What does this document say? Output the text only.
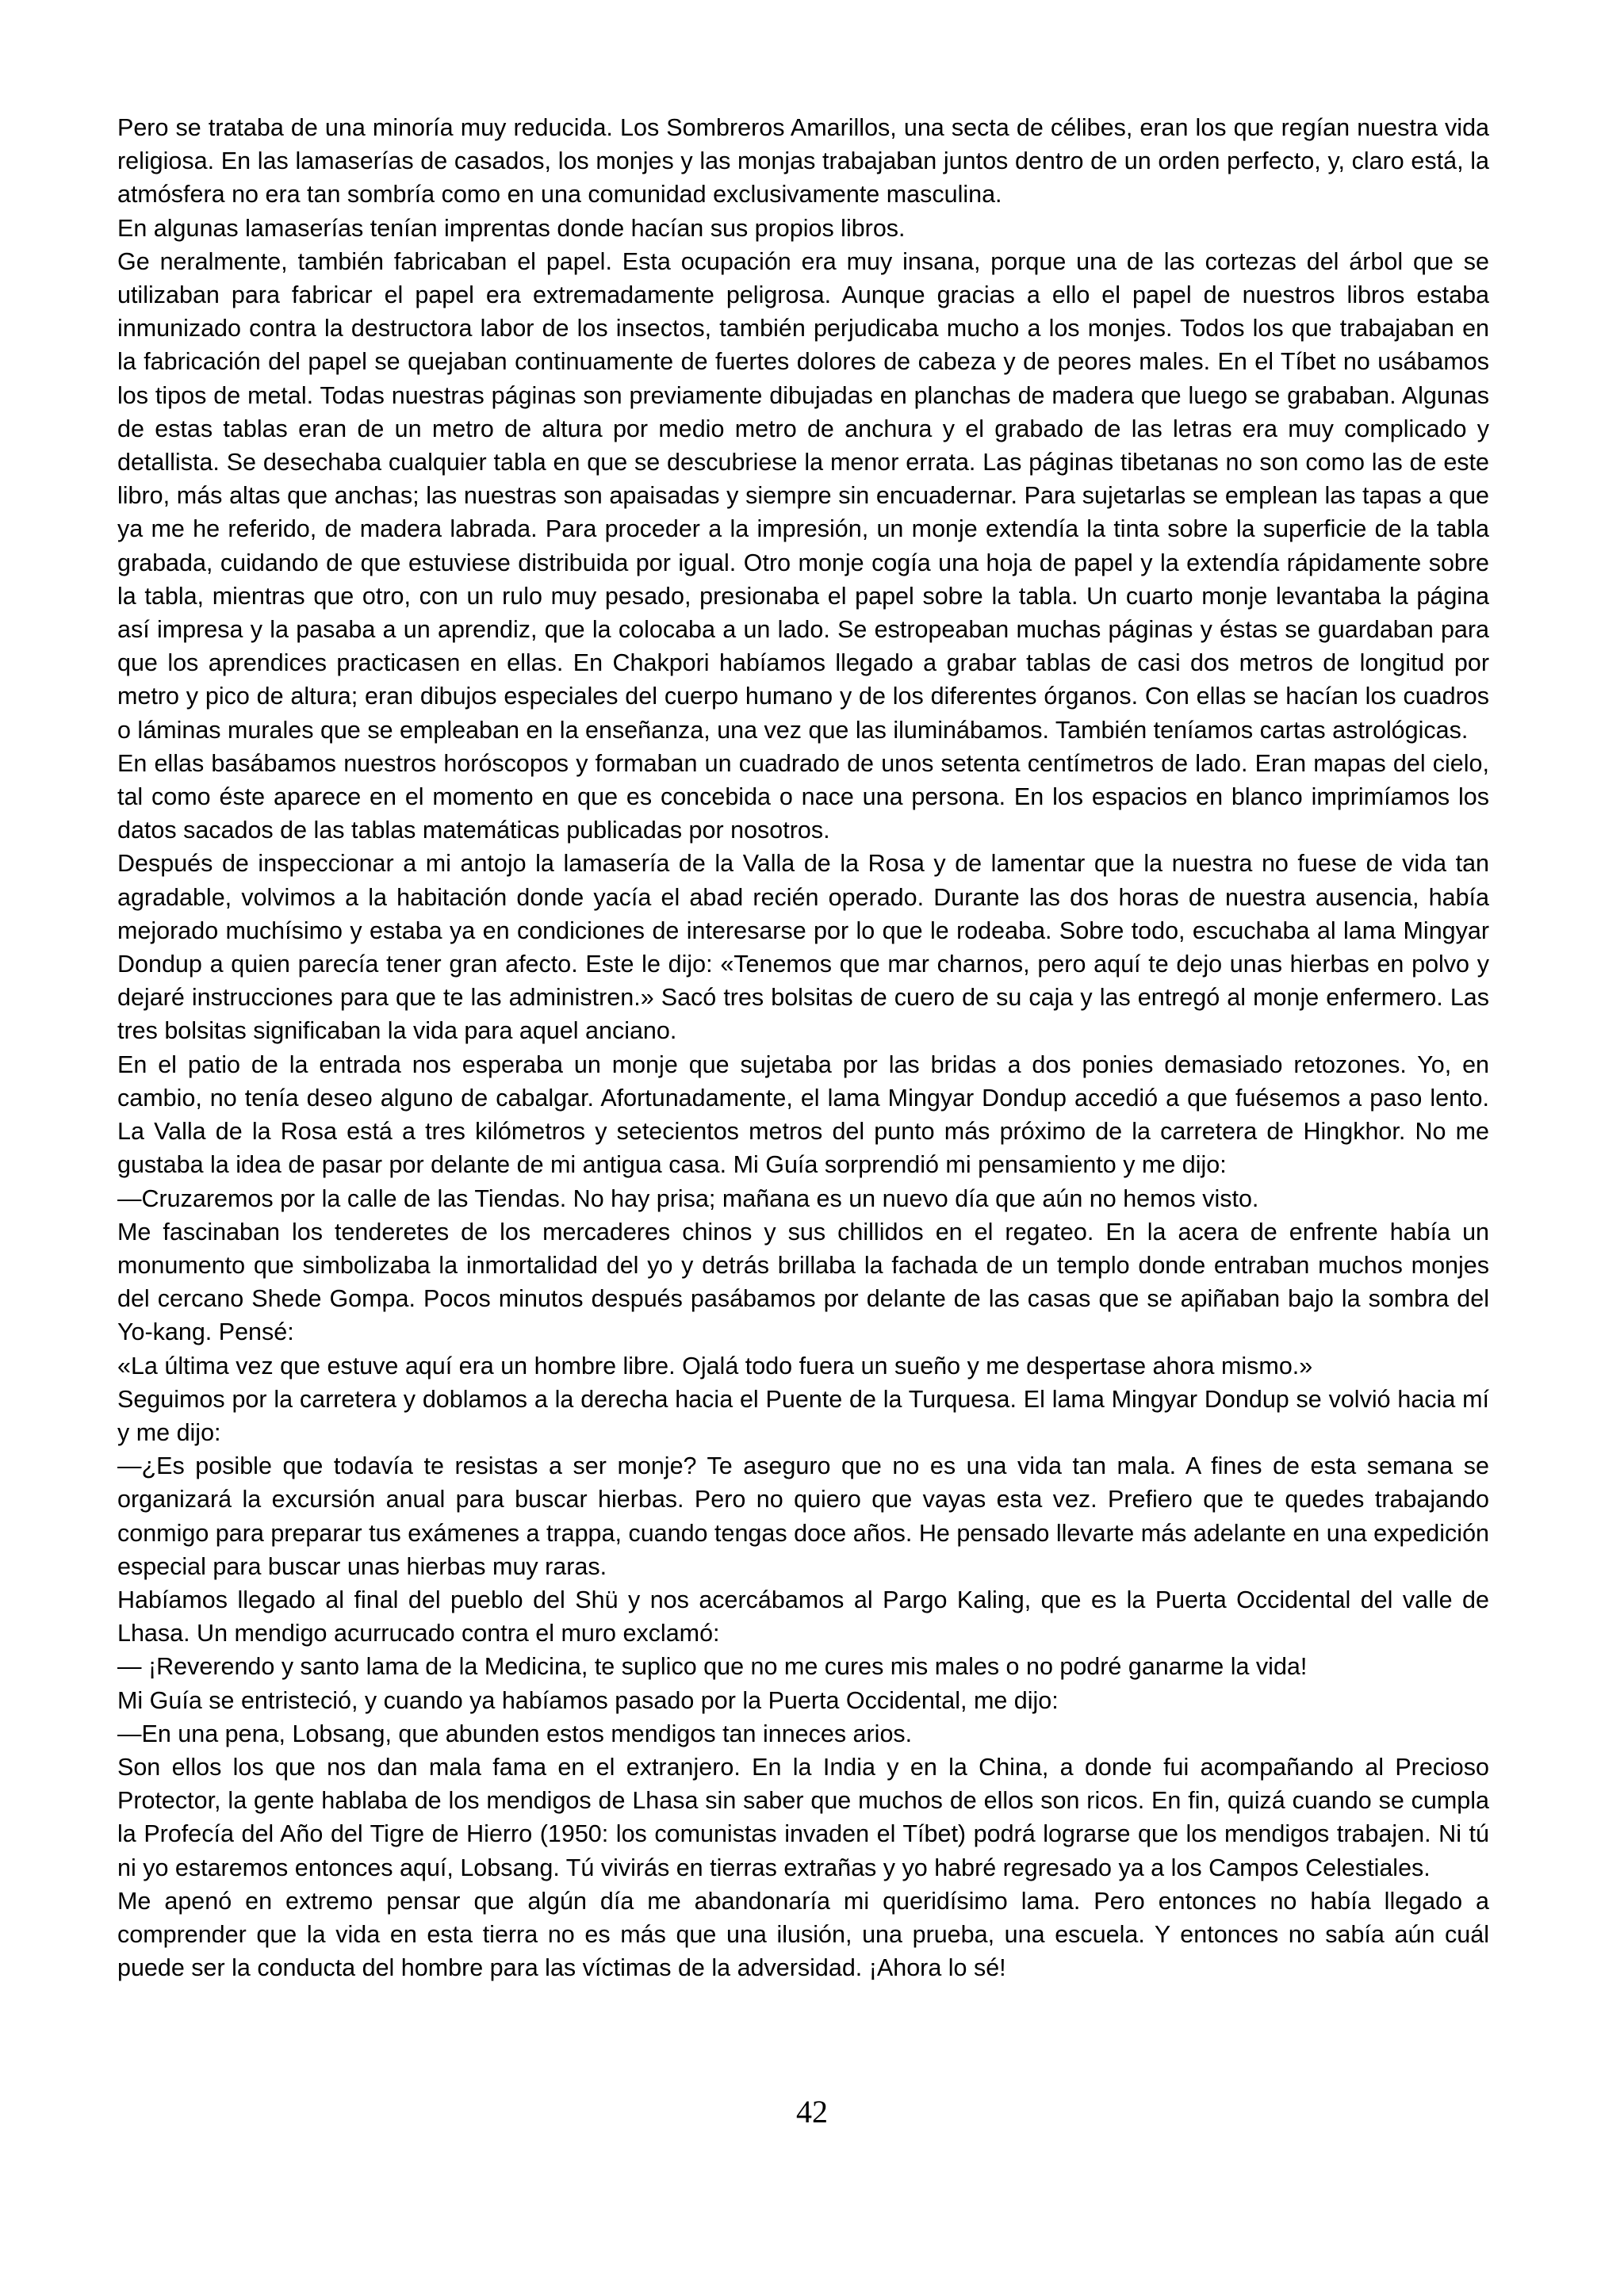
Pero se trataba de una minoría muy reducida. Los Sombreros Amarillos, una secta de célibes, eran los que regían nuestra vida religiosa. En las lamaserías de casados, los monjes y las monjas trabajaban juntos dentro de un orden perfecto, y, claro está, la atmósfera no era tan sombría como en una comunidad exclusivamente masculina.

En algunas lamaserías tenían imprentas donde hacían sus propios libros.

Ge neralmente, también fabricaban el papel. Esta ocupación era muy insana, porque una de las cortezas del árbol que se utilizaban para fabricar el papel era extremadamente peligrosa. Aunque gracias a ello el papel de nuestros libros estaba inmunizado contra la destructora labor de los insectos, también perjudicaba mucho a los monjes. Todos los que trabajaban en la fabricación del papel se quejaban continuamente de fuertes dolores de cabeza y de peores males. En el Tíbet no usábamos los tipos de metal. Todas nuestras páginas son previamente dibujadas en planchas de madera que luego se grababan. Algunas de estas tablas eran de un metro de altura por medio metro de anchura y el grabado de las letras era muy complicado y detallista. Se desechaba cualquier tabla en que se descubriese la menor errata. Las páginas tibetanas no son como las de este libro, más altas que anchas; las nuestras son apaisadas y siempre sin encuadernar. Para sujetarlas se emplean las tapas a que ya me he referido, de madera labrada. Para proceder a la impresión, un monje extendía la tinta sobre la superficie de la tabla grabada, cuidando de que estuviese distribuida por igual. Otro monje cogía una hoja de papel y la extendía rápidamente sobre la tabla, mientras que otro, con un rulo muy pesado, presionaba el papel sobre la tabla. Un cuarto monje levantaba la página así impresa y la pasaba a un aprendiz, que la colocaba a un lado. Se estropeaban muchas páginas y éstas se guardaban para que los aprendices practicasen en ellas. En Chakpori habíamos llegado a grabar tablas de casi dos metros de longitud por metro y pico de altura; eran dibujos especiales del cuerpo humano y de los diferentes órganos. Con ellas se hacían los cuadros o láminas murales que se empleaban en la enseñanza, una vez que las iluminábamos. También teníamos cartas astrológicas.

En ellas basábamos nuestros horóscopos y formaban un cuadrado de unos setenta centímetros de lado. Eran mapas del cielo, tal como éste aparece en el momento en que es concebida o nace una persona. En los espacios en blanco imprimíamos los datos sacados de las tablas matemáticas publicadas por nosotros.

Después de inspeccionar a mi antojo la lamasería de la Valla de la Rosa y de lamentar que la nuestra no fuese de vida tan agradable, volvimos a la habitación donde yacía el abad recién operado. Durante las dos horas de nuestra ausencia, había mejorado muchísimo y estaba ya en condiciones de interesarse por lo que le rodeaba. Sobre todo, escuchaba al lama Mingyar Dondup a quien parecía tener gran afecto. Este le dijo: «Tenemos que mar charnos, pero aquí te dejo unas hierbas en polvo y dejaré instrucciones para que te las administren.» Sacó tres bolsitas de cuero de su caja y las entregó al monje enfermero. Las tres bolsitas significaban la vida para aquel anciano.

En el patio de la entrada nos esperaba un monje que sujetaba por las bridas a dos ponies demasiado retozones. Yo, en cambio, no tenía deseo alguno de cabalgar. Afortunadamente, el lama Mingyar Dondup accedió a que fuésemos a paso lento. La Valla de la Rosa está a tres kilómetros y setecientos metros del punto más próximo de la carretera de Hingkhor. No me gustaba la idea de pasar por delante de mi antigua casa. Mi Guía sorprendió mi pensamiento y me dijo:

—Cruzaremos por la calle de las Tiendas. No hay prisa; mañana es un nuevo día que aún no hemos visto.

Me fascinaban los tenderetes de los mercaderes chinos y sus chillidos en el regateo. En la acera de enfrente había un monumento que simbolizaba la inmortalidad del yo y detrás brillaba la fachada de un templo donde entraban muchos monjes del cercano Shede Gompa. Pocos minutos después pasábamos por delante de las casas que se apiñaban bajo la sombra del Yo-kang. Pensé:

«La última vez que estuve aquí era un hombre libre. Ojalá todo fuera un sueño y me despertase ahora mismo.»

Seguimos por la carretera y doblamos a la derecha hacia el Puente de la Turquesa. El lama Mingyar Dondup se volvió hacia mí y me dijo:

—¿Es posible que todavía te resistas a ser monje? Te aseguro que no es una vida tan mala. A fines de esta semana se organizará la excursión anual para buscar hierbas. Pero no quiero que vayas esta vez. Prefiero que te quedes trabajando conmigo para preparar tus exámenes a trappa, cuando tengas doce años. He pensado llevarte más adelante en una expedición especial para buscar unas hierbas muy raras.

Habíamos llegado al final del pueblo del Shü y nos acercábamos al Pargo Kaling, que es la Puerta Occidental del valle de Lhasa. Un mendigo acurrucado contra el muro exclamó:

— ¡Reverendo y santo lama de la Medicina, te suplico que no me cures mis males o no podré ganarme la vida!

Mi Guía se entristeció, y cuando ya habíamos pasado por la Puerta Occidental, me dijo:

—En una pena, Lobsang, que abunden estos mendigos tan inneces arios.

Son ellos los que nos dan mala fama en el extranjero. En la India y en la China, a donde fui acompañando al Precioso Protector, la gente hablaba de los mendigos de Lhasa sin saber que muchos de ellos son ricos. En fin, quizá cuando se cumpla la Profecía del Año del Tigre de Hierro (1950: los comunistas invaden el Tíbet) podrá lograrse que los mendigos trabajen. Ni tú ni yo estaremos entonces aquí, Lobsang. Tú vivirás en tierras extrañas y yo habré regresado ya a los Campos Celestiales.

Me apenó en extremo pensar que algún día me abandonaría mi queridísimo lama. Pero entonces no había llegado a comprender que la vida en esta tierra no es más que una ilusión, una prueba, una escuela. Y entonces no sabía aún cuál puede ser la conducta del hombre para las víctimas de la adversidad. ¡Ahora lo sé!

42
